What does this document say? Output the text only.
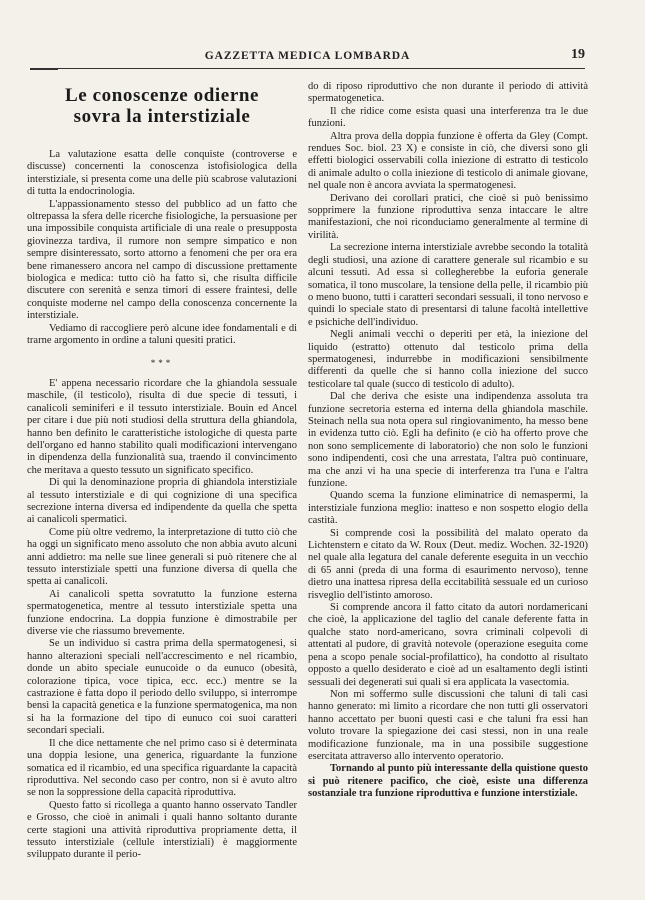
GAZZETTA MEDICA LOMBARDA	19
Le conoscenze odierne
sovra la interstiziale

La valutazione esatta delle conquiste (controverse e discusse) concernenti la conoscenza istofisiologica della interstiziale, si presenta come una delle più scabrose valutazioni di tutta la endocrinologia.

L'appassionamento stesso del pubblico ad un fatto che oltrepassa la sfera delle ricerche fisiologiche, la persuasione per una impossibile conquista artificiale di una reale o presupposta giovinezza tardiva, il rumore non sempre simpatico e non sempre disinteressato, sorto attorno a fenomeni che per ora era bene rimanessero ancora nel campo di discussione prettamente biologica e medica: tutto ciò ha fatto sì, che risulta difficile discutere con serenità e senza timori di essere fraintesi, delle conquiste moderne nel campo della conoscenza concernente la interstiziale.

Vediamo di raccogliere però alcune idee fondamentali e di trarne argomento in ordine a taluni quesiti pratici.

***

E' appena necessario ricordare che la ghiandola sessuale maschile, (il testicolo), risulta di due specie di tessuti, i canalicoli seminiferi e il tessuto interstiziale. Bouin ed Ancel per citare i due più noti studiosi della struttura della ghiandola, hanno ben definito le caratteristiche istologiche di questa parte dell'organo ed hanno stabilito quali modificazioni intervengano in dipendenza della funzionalità sua, traendo il convincimento che meritava a questo tessuto un significato specifico.

Di qui la denominazione propria di ghiandola interstiziale al tessuto interstiziale e di qui cognizione di una specifica secrezione interna diversa ed indipendente da quella che spetta ai canalicoli spermatici.

Come più oltre vedremo, la interpretazione di tutto ciò che ha oggi un significato meno assoluto che non abbia avuto alcuni anni addietro: ma nelle sue linee generali si può ritenere che al tessuto interstiziale spetti una funzione diversa di quella che spetta ai canalicoli.

Ai canalicoli spetta sovratutto la funzione esterna spermatogenetica, mentre al tessuto interstiziale spetta una funzione endocrina. La doppia funzione è dimostrabile per diverse vie che riassumo brevemente.

Se un individuo si castra prima della spermatogenesi, si hanno alterazioni speciali nell'accrescimento e nel ricambio, donde un abito speciale eunucoide o da eunuco (obesità, colorazione tipica, voce tipica, ecc. ecc.) mentre se la castrazione è fatta dopo il periodo dello sviluppo, si interrompe bensì la capacità genetica e la funzione spermatogenica, ma non si ha la formazione del tipo di eunuco coi suoi caratteri secondari speciali.

Il che dice nettamente che nel primo caso si è determinata una doppia lesione, una generica, riguardante la funzione somatica ed il ricambio, ed una specifica riguardante la capacità riproduttiva. Nel secondo caso per contro, non si è avuto altro se non la soppressione della capacità riproduttiva.

Questo fatto si ricollega a quanto hanno osservato Tandler e Grosso, che cioè in animali i quali hanno soltanto durante certe stagioni una attività riproduttiva propriamente detta, il tessuto interstiziale (cellule interstiziali) è maggiormente sviluppato durante il perio-

do di riposo riproduttivo che non durante il periodo di attività spermatogenetica.

Il che ridice come esista quasi una interferenza tra le due funzioni.

Altra prova della doppia funzione è offerta da Gley (Compt. rendues Soc. biol. 23 X) e consiste in ciò, che diversi sono gli effetti biologici osservabili colla iniezione di estratto di testicolo di animale adulto o colla iniezione di testicolo di animale giovane, nel quale non è ancora avviata la spermatogenesi.

Derivano dei corollari pratici, che cioè si può benissimo sopprimere la funzione riproduttiva senza intaccare le altre manifestazioni, che noi riconduciamo generalmente al termine di virilità.

La secrezione interna interstiziale avrebbe secondo la totalità degli studiosi, una azione di carattere generale sul ricambio e su alcuni tessuti. Ad essa si collegherebbe la euforia generale somatica, il tono muscolare, la tensione della pelle, il ricambio più o meno buono, tutti i caratteri secondari sessuali, il tono nervoso e quindi lo speciale stato di presentarsi di talune facoltà intellettive e psichiche dell'individuo.

Negli animali vecchi o deperiti per età, la iniezione del liquido (estratto) ottenuto dal testicolo prima della spermatogenesi, indurrebbe in modificazioni sensibilmente differenti da quelle che si hanno colla iniezione del succo testicolare tal quale (succo di testicolo di adulto).

Dal che deriva che esiste una indipendenza assoluta tra funzione secretoria esterna ed interna della ghiandola maschile. Steinach nella sua nota opera sul ringiovanimento, ha messo bene in evidenza tutto ciò. Egli ha definito (e ciò ha offerto prove che non sono semplicemente di laboratorio) che non solo le funzioni sono indipendenti, così che una arrestata, l'altra può continuare, ma che anzi vi ha una specie di interferenza tra l'una e l'altra funzione.

Quando scema la funzione eliminatrice di nemaspermi, la interstiziale funziona meglio: inatteso e non sospetto elogio della castità.

Si comprende così la possibilità del malato operato da Lichtenstern e citato da W. Roux (Deut. mediz. Wochen. 32-1920) nel quale alla legatura del canale deferente eseguita in un vecchio di 65 anni (preda di una forma di esaurimento nervoso), tenne dietro una inattesa ripresa della eccitabilità sessuale ed un curioso risveglio dell'istinto amoroso.

Si comprende ancora il fatto citato da autori nordamericani che cioè, la applicazione del taglio del canale deferente fatta in qualche stato nord-americano, sovra criminali colpevoli di attentati al pudore, di gravità notevole (operazione eseguita come pena a scopo penale social-profilattico), ha condotto al risultato opposto a quello desiderato e cioè ad un esaltamento degli istinti sessuali dei degenerati sui quali si era applicata la vasectomia.

Non mi soffermo sulle discussioni che taluni di tali casi hanno generato: mi limito a ricordare che non tutti gli osservatori hanno accettato per buoni questi casi e che taluni fra essi han voluto trovare la spiegazione dei casi stessi, non in una reale modificazione funzionale, ma in una possibile suggestione esercitata attraverso allo intervento operatorio.

Tornando al punto più interessante della quistione questo si può ritenere pacifico, che cioè, esiste una differenza sostanziale tra funzione riproduttiva e funzione interstiziale.
